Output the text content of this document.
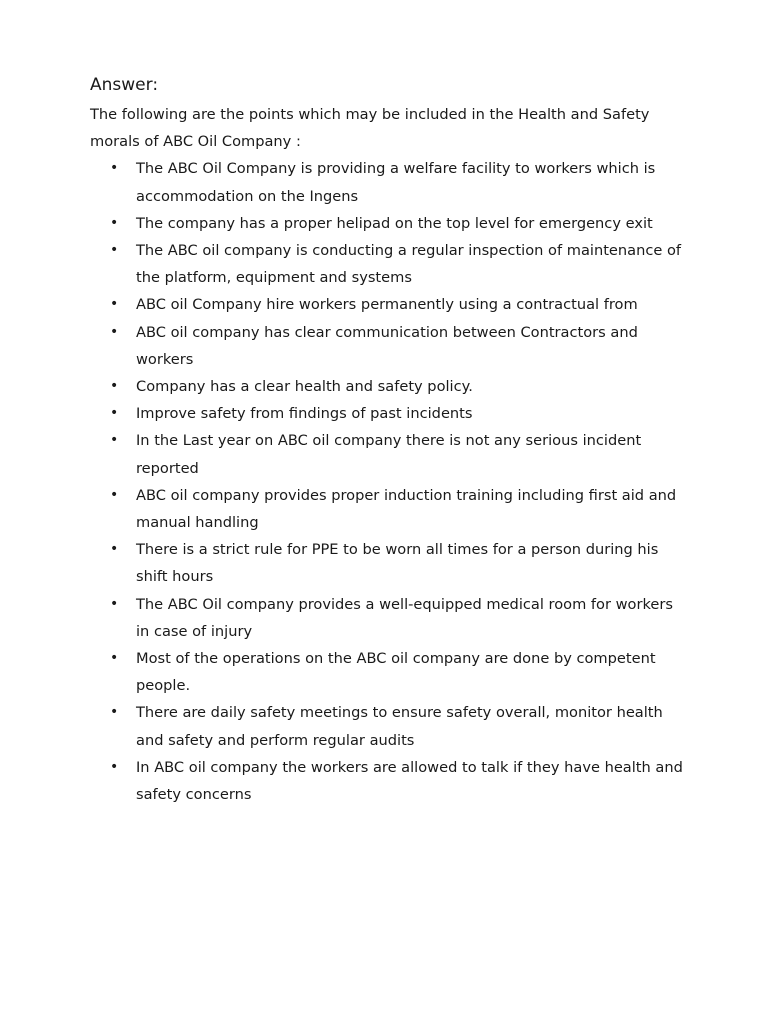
Answer:

The following are the points which may be included in the Health and Safety morals of ABC Oil Company :

• The ABC Oil Company is providing a welfare facility to workers which is accommodation on the Ingens
• The company has a proper helipad on the top level for emergency exit
• The ABC oil company is conducting a regular inspection of maintenance of the platform, equipment and systems
• ABC oil Company hire workers permanently using a contractual from
• ABC oil company has clear communication between Contractors and workers
• Company has a clear health and safety policy.
• Improve safety from findings of past incidents
• In the Last year on ABC oil company there is not any serious incident reported
• ABC oil company provides proper induction training including first aid and manual handling
• There is a strict rule for PPE to be worn all times for a person during his shift hours
• The ABC Oil company provides a well-equipped medical room for workers in case of injury
• Most of the operations on the ABC oil company are done by competent people.
• There are daily safety meetings to ensure safety overall, monitor health and safety and perform regular audits
• In ABC oil company the workers are allowed to talk if they have health and safety concerns
